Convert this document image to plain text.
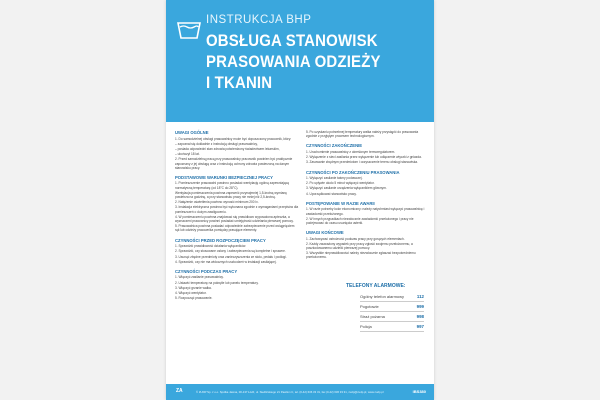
INSTRUKCJA BHP
OBSŁUGA STANOWISK
PRASOWANIA ODZIEŻY
I TKANIN
UWAGI OGÓLNE

1. Do samodzielnej obsługi prasowalnicy może być dopuszczony pracownik, który:

– zapoznał się dokładnie z instrukcją obsługi prasowalnicy,

– posiada odpowiedni stan zdrowia potwierdzony świadectwem lekarskim,

– ukończył 18 lat.

2. Przed samodzielną pracą przy prasowalnicy pracownik powinien być praktycznie zapoznany z jej obsługą oraz z instrukcją ochrony zdrowia powierzoną na danym stanowisku pracy.

PODSTAWOWE WARUNKI BEZPIECZNEJ PRACY

1. Pomieszczenie prasowalni powinno posiadać wentylację ogólną zapewniającą normatywną temperaturę (od 18°C do 28°C).

Wentylacja pomieszczenia powinna zapewnić przynajmniej 1,5-krotną wymianę powietrza na godzinę, a przy stanowisku pracy nie mniej niż 2,5-krotną.

2. Natężenie oświetlenia powinno wynosić minimum 200 lx.

3. Instalacja elektryczna powinna być wykonana zgodnie z wymaganiami przepisów dla pomieszczeń o dużym zawilgoceniu.

4. W pomieszczeniu powinna znajdować się prawidłowo wyposażona apteczka, a wyznaczeni pracownicy powinni posiadać umiejętność udzielania pierwszej pomocy.

5. Prasowalnica powinna posiadać odpowiednie zabezpieczenie przed wciągnięciem rąk lub odzieży pracownika pomiędzy prasujące elementy.

CZYNNOŚCI PRZED ROZPOCZĘCIEM PRACY

1. Sprawdzić prawidłowość działania wyłączników.

2. Sprawdzić, czy stosowane osłony i zabezpieczenia są kompletne i sprawne.

3. Usunąć zbędne przedmioty oraz zanieczyszczenia ze stołu, pedału i podłogi.

4. Sprawdzić, czy nie ma widocznych uszkodzeń w instalacji zasilającej.

CZYNNOŚCI PODCZAS PRACY

1. Włączyć zasilanie prasowalnicy.

2. Ustawić temperaturę na pokrętle lub panelu temperatury.

3. Włączyć grzanie wałka.

4. Włączyć wentylator.

5. Rozpocząć prasowanie.

5. Po uzyskaniu potrzebnej temperatury wałka należy przystąpić do prasowania zgodnie z przyjętym procesem technologicznym.

CZYNNOŚCI ZAKOŃCZENIE

1. Uruchomienie prasowalnicy z określonym termoregulatorem.

2. Wyłączenie z sieci zasilania przez wyłączenie lub odłączenie wtyczki z gniazda.

3. Zasowanie zbędnym przedmiotom i oczyszczenie terenu obsługi stanowiska.

CZYNNOŚCI PO ZAKOŃCZENIU PRASOWANIA

1. Wyłączyć zasilanie taśmy podawczej.

2. Po upływie około 5 minut wyłączyć wentylator.

3. Wyłączyć zasilanie urządzenia wyłącznikiem głównym.

4. Uporządkować stanowisko pracy.

POSTĘPOWANIE W RAZIE AWARII

1. W razie potrzeby kolor ekonomiczny: należy natychmiast wyłączyć prasowalnicę i zawiadomić przełożonego.

2. W innych przypadkach niezwłocznie zawiadomić przełożonego i pracy nie podejmować do czasu usunięcia usterki.

UWAGI KOŃCOWE

1. Zachowywać ostrożność podczas pracy przy gorących elementach.

2. Każdy zauważony wypadek przy pracy zgłosić swojemu przełożonemu, a poszkodowanemu udzielić pierwszej pomocy.

3. Wszystkie nieprawidłowości należy niezwłocznie zgłaszać bezpośredniemu przełożonemu.

TELEFONY ALARMOWE:
Ogólny telefon alarmowy	112
Pogotowie	999
Straż pożarna	998
Policja	997
ZA	© ZUDP Sp. z o.o. Spółka Jawna, 00-137 Łódź, ul. Siedlińskiego 21 Pawilon C, tel. (0-42) 636 33 31, fax (0-42) 636 33 31, zudp@zudp.pl, www.zudp.pl	IBS380
